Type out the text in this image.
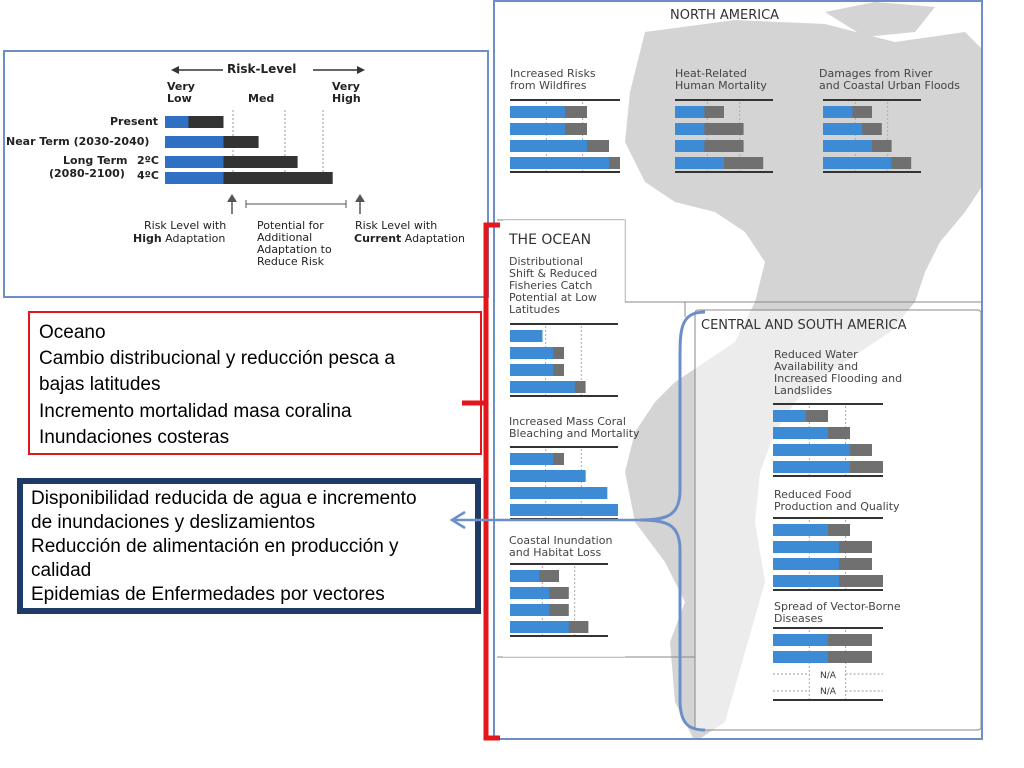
Risk-Level
Very
Low	Med
Very
High
Present
Near Term (2030-2040)
Long Term 2ºC
(2080-2100) 4ºC
Risk Level with
High Adaptation
Potential for
Additional
Adaptation to
Reduce Risk
Risk Level with
Current Adaptation
Oceano
Cambio distribucional y reducción pesca a
bajas latitudes
Incremento mortalidad masa coralina
Inundaciones costeras
Disponibilidad reducida de agua e incremento
de inundaciones y deslizamientos
Reducción de alimentación en producción y
calidad
Epidemias de Enfermedades por vectores
NORTH AMERICA
THE OCEAN
CENTRAL AND SOUTH AMERICA
Increased Risks
from Wildfires
Heat-Related
Human Mortality
Damages from River
and Coastal Urban Floods
Distributional
Shift & Reduced
Fisheries Catch
Potential at Low
Latitudes
Increased Mass Coral
Bleaching and Mortality
Coastal Inundation
and Habitat Loss
Reduced Water
Availability and
Increased Flooding and
Landslides
Reduced Food
Production and Quality
Spread of Vector-Borne
Diseases
N/A
N/A
